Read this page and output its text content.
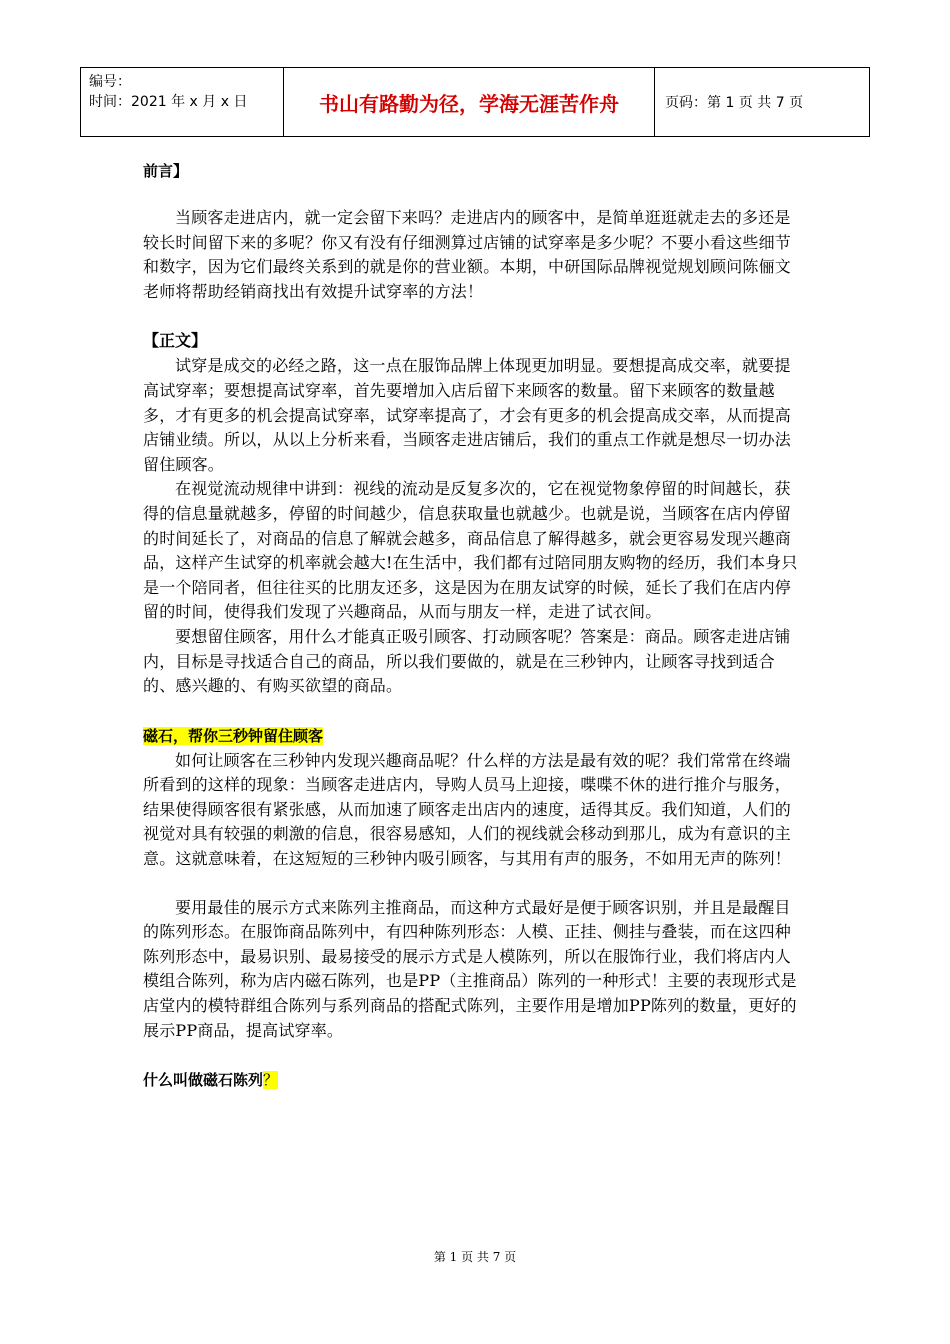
编号：
时间：2021 年 x 月 x 日	书山有路勤为径，学海无涯苦作舟	页码：第 1 页 共 7 页

前言】

当顾客走进店内，就一定会留下来吗？走进店内的顾客中，是简单逛逛就走去的多还是较长时间留下来的多呢？你又有没有仔细测算过店铺的试穿率是多少呢？不要小看这些细节和数字，因为它们最终关系到的就是你的营业额。本期，中研国际品牌视觉规划顾问陈俪文老师将帮助经销商找出有效提升试穿率的方法！

【正文】

试穿是成交的必经之路，这一点在服饰品牌上体现更加明显。要想提高成交率，就要提高试穿率；要想提高试穿率，首先要增加入店后留下来顾客的数量。留下来顾客的数量越多，才有更多的机会提高试穿率，试穿率提高了，才会有更多的机会提高成交率，从而提高店铺业绩。所以，从以上分析来看，当顾客走进店铺后，我们的重点工作就是想尽一切办法留住顾客。

在视觉流动规律中讲到：视线的流动是反复多次的，它在视觉物象停留的时间越长，获得的信息量就越多，停留的时间越少，信息获取量也就越少。也就是说，当顾客在店内停留的时间延长了，对商品的信息了解就会越多，商品信息了解得越多，就会更容易发现兴趣商品，这样产生试穿的机率就会越大!在生活中，我们都有过陪同朋友购物的经历，我们本身只是一个陪同者，但往往买的比朋友还多，这是因为在朋友试穿的时候，延长了我们在店内停留的时间，使得我们发现了兴趣商品，从而与朋友一样，走进了试衣间。

要想留住顾客，用什么才能真正吸引顾客、打动顾客呢？答案是：商品。顾客走进店铺内，目标是寻找适合自己的商品，所以我们要做的，就是在三秒钟内，让顾客寻找到适合的、感兴趣的、有购买欲望的商品。

磁石，帮你三秒钟留住顾客

如何让顾客在三秒钟内发现兴趣商品呢？什么样的方法是最有效的呢？我们常常在终端所看到的这样的现象：当顾客走进店内，导购人员马上迎接，喋喋不休的进行推介与服务，结果使得顾客很有紧张感，从而加速了顾客走出店内的速度，适得其反。我们知道，人们的视觉对具有较强的刺激的信息，很容易感知，人们的视线就会移动到那儿，成为有意识的主意。这就意味着，在这短短的三秒钟内吸引顾客，与其用有声的服务，不如用无声的陈列！

要用最佳的展示方式来陈列主推商品，而这种方式最好是便于顾客识别，并且是最醒目的陈列形态。在服饰商品陈列中，有四种陈列形态：人模、正挂、侧挂与叠装，而在这四种陈列形态中，最易识别、最易接受的展示方式是人模陈列，所以在服饰行业，我们将店内人模组合陈列，称为店内磁石陈列，也是PP（主推商品）陈列的一种形式！主要的表现形式是店堂内的模特群组合陈列与系列商品的搭配式陈列，主要作用是增加PP陈列的数量，更好的展示PP商品，提高试穿率。

什么叫做磁石陈列？

第 1 页 共 7 页
